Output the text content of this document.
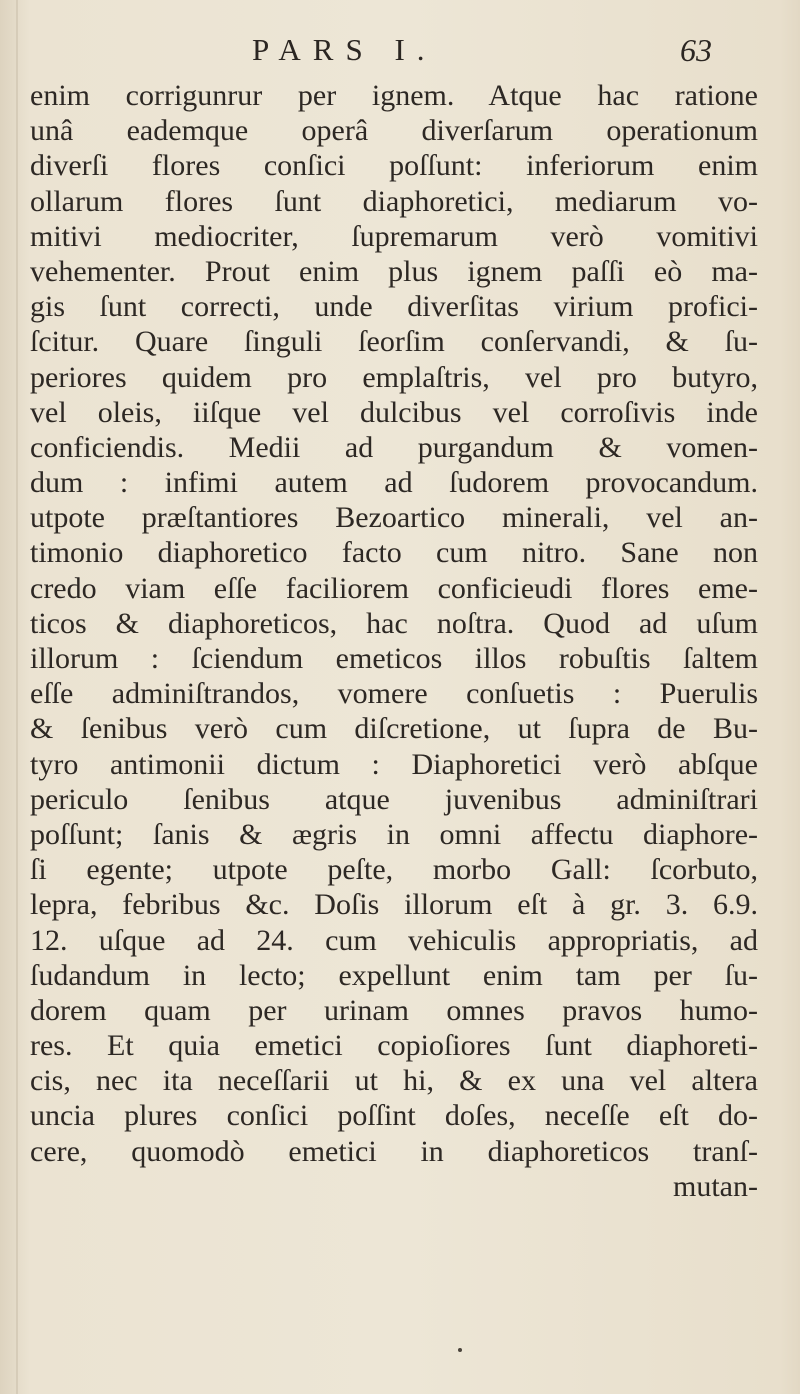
PARS I.	63
enim corrigunrur per ignem. Atque hac ratione
unâ eademque operâ diverſarum operationum
diverſi flores conſici poſſunt: inferiorum enim
ollarum flores ſunt diaphoretici, mediarum vo-
mitivi mediocriter, ſupremarum verò vomitivi
vehementer. Prout enim plus ignem paſſi eò ma-
gis ſunt correcti, unde diverſitas virium profici-
ſcitur. Quare ſinguli ſeorſim conſervandi, & ſu-
periores quidem pro emplaſtris, vel pro butyro,
vel oleis, iiſque vel dulcibus vel corroſivis inde
conficiendis. Medii ad purgandum & vomen-
dum : infimi autem ad ſudorem provocandum.
utpote præſtantiores Bezoartico minerali, vel an-
timonio diaphoretico facto cum nitro. Sane non
credo viam eſſe faciliorem conficieudi flores eme-
ticos & diaphoreticos, hac noſtra. Quod ad uſum
illorum : ſciendum emeticos illos robuſtis ſaltem
eſſe adminiſtrandos, vomere conſuetis : Puerulis
& ſenibus verò cum diſcretione, ut ſupra de Bu-
tyro antimonii dictum : Diaphoretici verò abſque
periculo ſenibus atque juvenibus adminiſtrari
poſſunt; ſanis & ægris in omni affectu diaphore-
ſi egente; utpote peſte, morbo Gall: ſcorbuto,
lepra, febribus &c. Doſis illorum eſt à gr. 3. 6.9.
12. uſque ad 24. cum vehiculis appropriatis, ad
ſudandum in lecto; expellunt enim tam per ſu-
dorem quam per urinam omnes pravos humo-
res. Et quia emetici copioſiores ſunt diaphoreti-
cis, nec ita neceſſarii ut hi, & ex una vel altera
uncia plures conſici poſſint doſes, neceſſe eſt do-
cere, quomodò emetici in diaphoreticos tranſ-
mutan-
